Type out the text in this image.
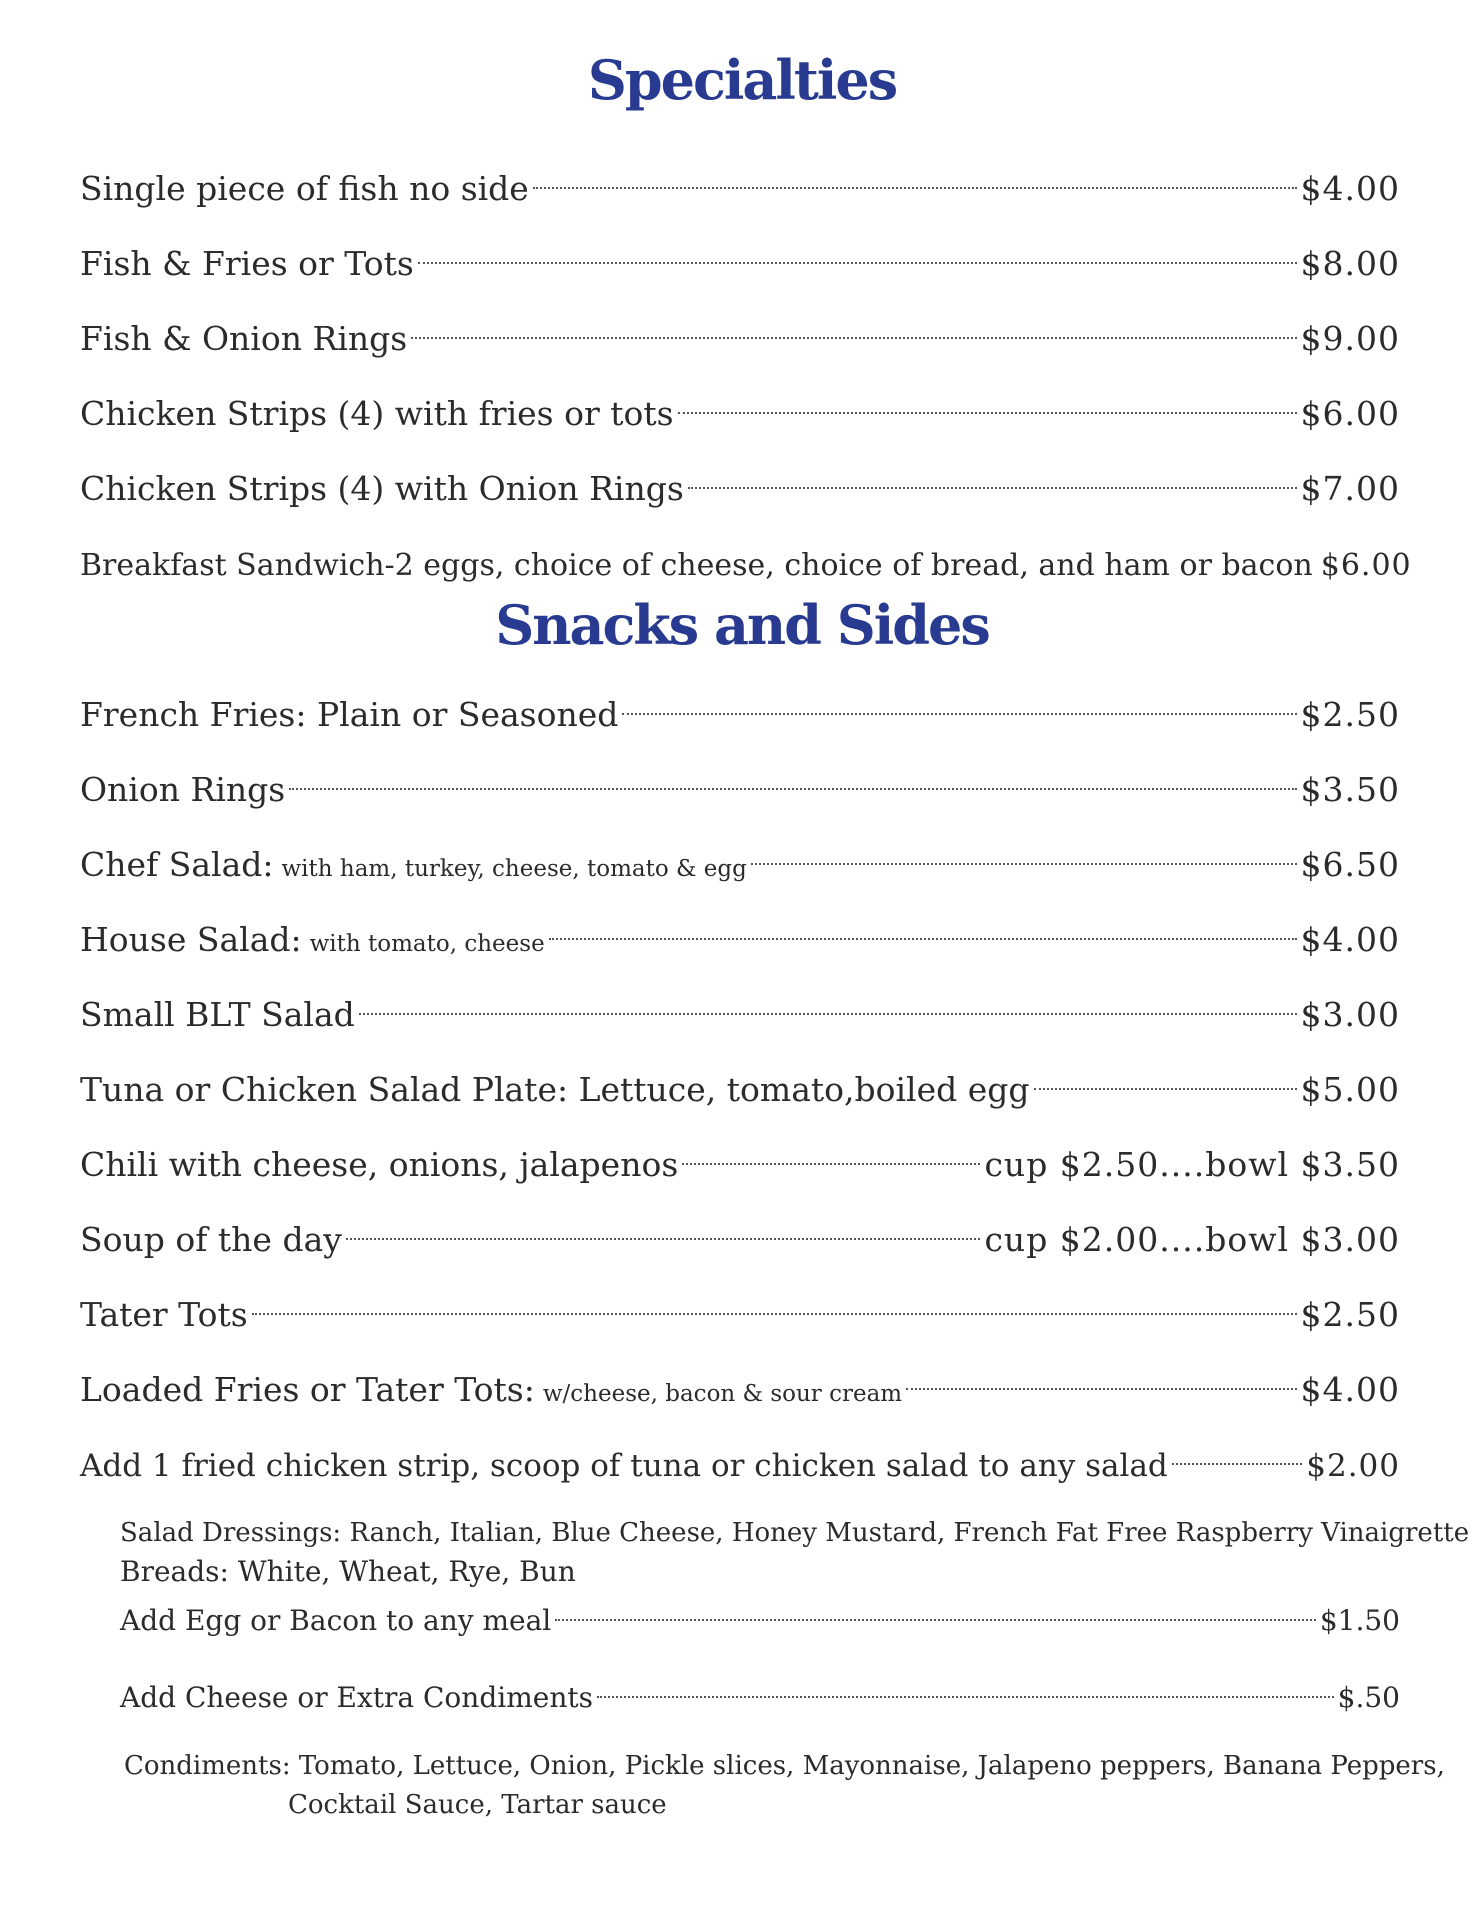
Specialties
Single piece of fish no side	$4.00
Fish & Fries or Tots	$8.00
Fish & Onion Rings	$9.00
Chicken Strips (4) with fries or tots	$6.00
Chicken Strips (4) with Onion Rings	$7.00
Breakfast Sandwich-2 eggs, choice of cheese, choice of bread, and ham or bacon $6.00
Snacks and Sides
French Fries: Plain or Seasoned	$2.50
Onion Rings	$3.50
Chef Salad: with ham, turkey, cheese, tomato & egg	$6.50
House Salad: with tomato, cheese	$4.00
Small BLT Salad	$3.00
Tuna or Chicken Salad Plate: Lettuce, tomato,boiled egg	$5.00
Chili with cheese, onions, jalapenos	cup $2.50....bowl $3.50
Soup of the day	cup $2.00....bowl $3.00
Tater Tots	$2.50
Loaded Fries or Tater Tots: w/cheese, bacon & sour cream	$4.00
Add 1 fried chicken strip, scoop of tuna or chicken salad to any salad	$2.00
Salad Dressings: Ranch, Italian, Blue Cheese, Honey Mustard, French Fat Free Raspberry Vinaigrette
Breads: White, Wheat, Rye, Bun
Add Egg or Bacon to any meal	$1.50
Add Cheese or Extra Condiments	$.50
Condiments: Tomato, Lettuce, Onion, Pickle slices, Mayonnaise, Jalapeno peppers, Banana Peppers,
Cocktail Sauce, Tartar sauce
